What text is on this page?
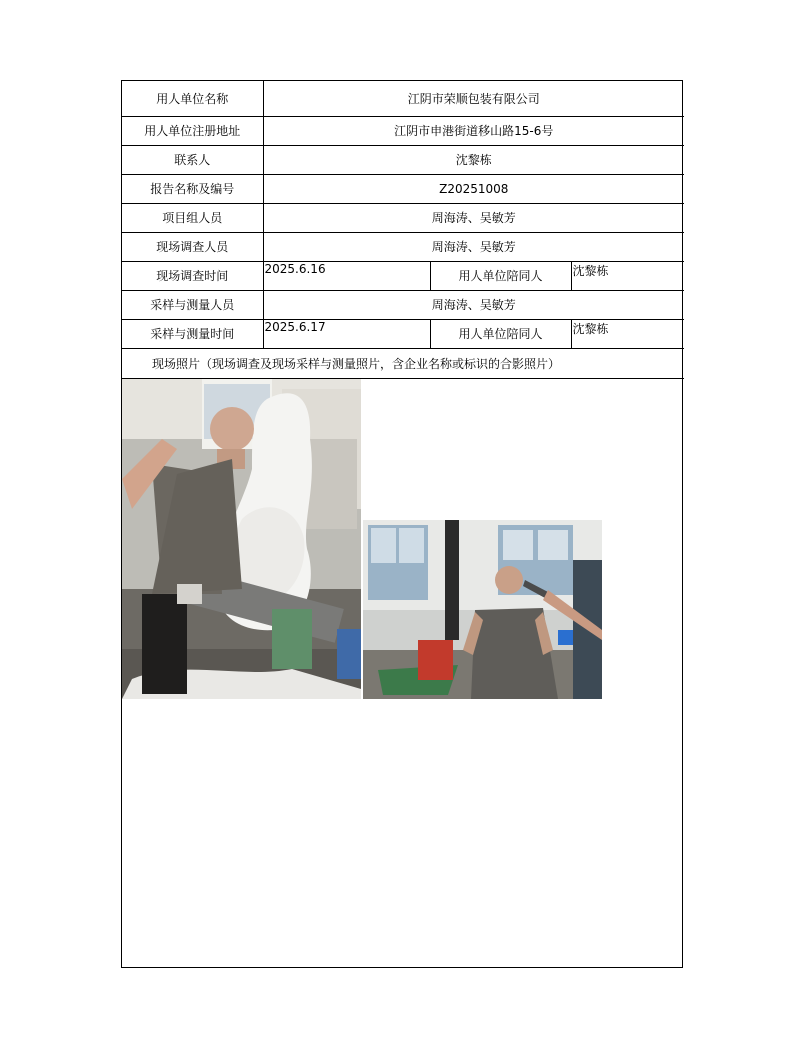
用人单位名称	江阴市荣顺包装有限公司		
用人单位注册地址	江阴市申港街道移山路15-6号		
联系人	沈黎栋		
报告名称及编号	Z20251008		
项目组人员	周海涛、吴敏芳		
现场调查人员	周海涛、吴敏芳		
现场调查时间	2025.6.16	用人单位陪同人	沈黎栋
采样与测量人员	周海涛、吴敏芳		
采样与测量时间	2025.6.17	用人单位陪同人	沈黎栋
现场照片（现场调查及现场采样与测量照片，含企业名称或标识的合影照片）			
